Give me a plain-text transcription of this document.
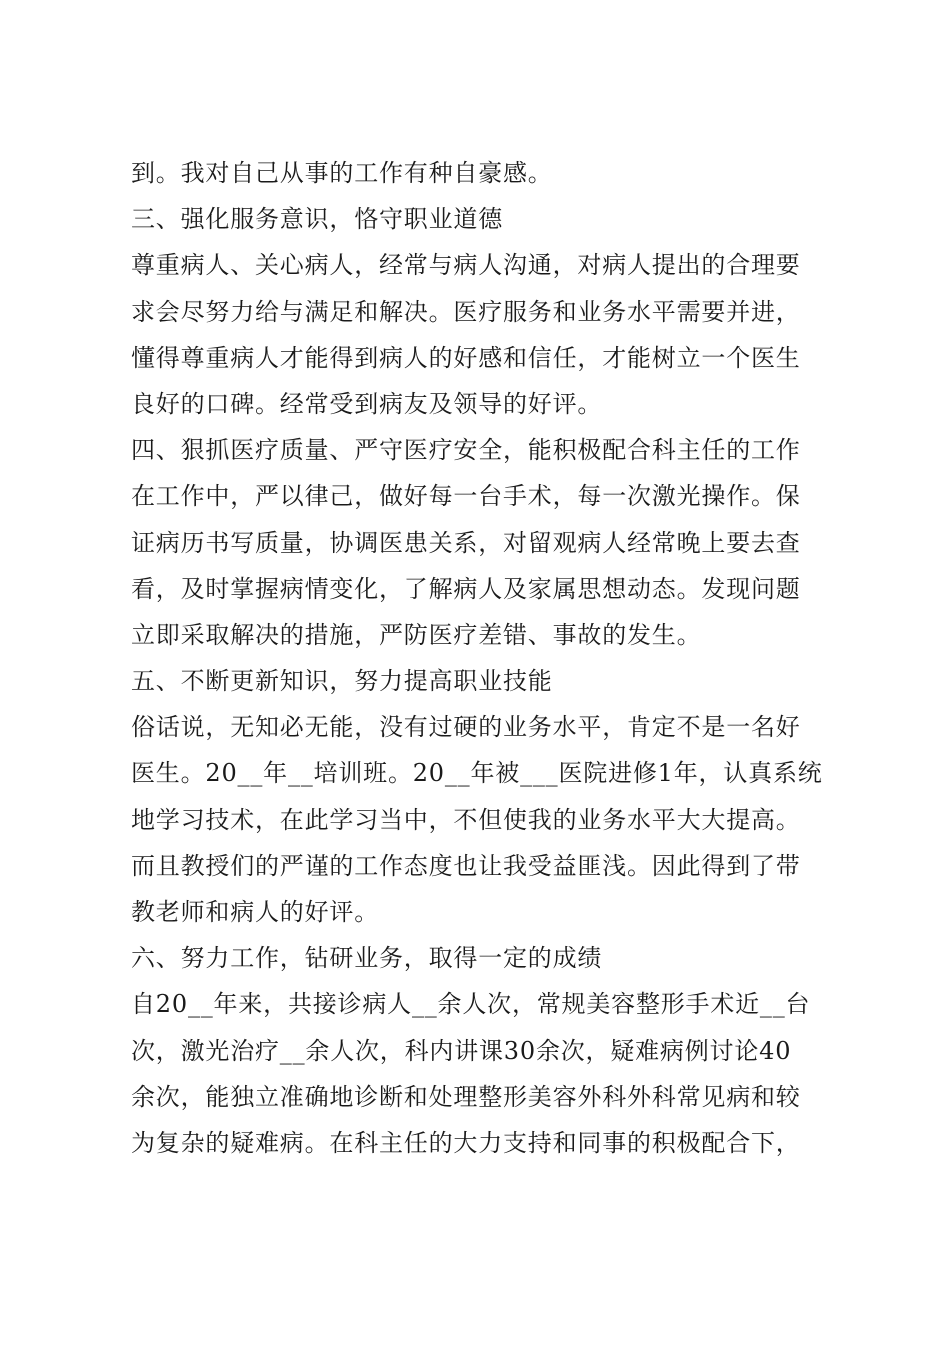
到。我对自己从事的工作有种自豪感。
三、强化服务意识，恪守职业道德
尊重病人、关心病人，经常与病人沟通，对病人提出的合理要
求会尽努力给与满足和解决。医疗服务和业务水平需要并进，
懂得尊重病人才能得到病人的好感和信任，才能树立一个医生
良好的口碑。经常受到病友及领导的好评。
四、狠抓医疗质量、严守医疗安全，能积极配合科主任的工作
在工作中，严以律己，做好每一台手术，每一次激光操作。保
证病历书写质量，协调医患关系，对留观病人经常晚上要去查
看，及时掌握病情变化，了解病人及家属思想动态。发现问题
立即采取解决的措施，严防医疗差错、事故的发生。
五、不断更新知识，努力提高职业技能
俗话说，无知必无能，没有过硬的业务水平，肯定不是一名好
医生。20__年__培训班。20__年被___医院进修1年，认真系统
地学习技术，在此学习当中，不但使我的业务水平大大提高。
而且教授们的严谨的工作态度也让我受益匪浅。因此得到了带
教老师和病人的好评。
六、努力工作，钻研业务，取得一定的成绩
自20__年来，共接诊病人__余人次，常规美容整形手术近__台
次，激光治疗__余人次，科内讲课30余次，疑难病例讨论40
余次，能独立准确地诊断和处理整形美容外科外科常见病和较
为复杂的疑难病。在科主任的大力支持和同事的积极配合下，
